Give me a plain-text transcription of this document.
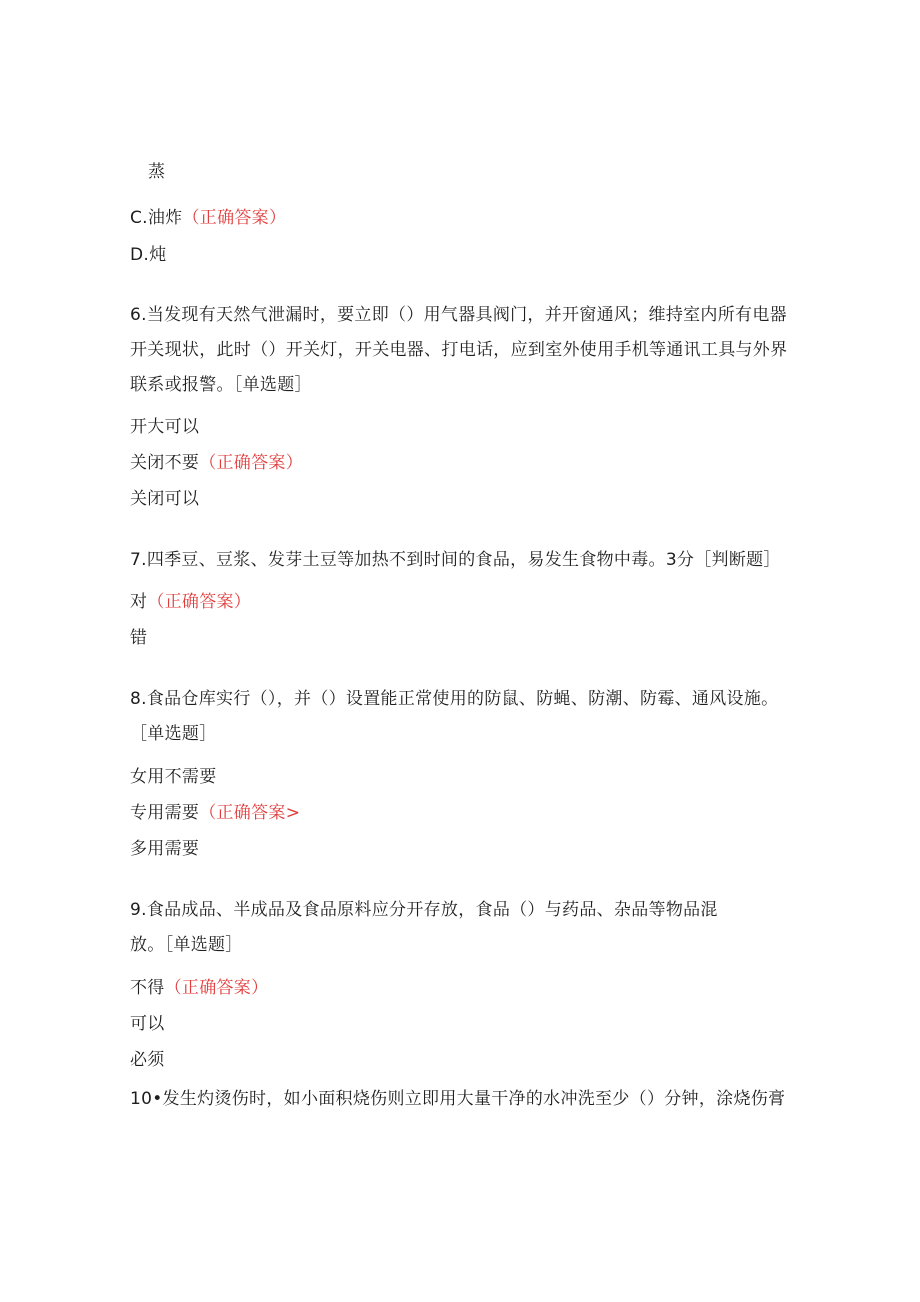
蒸
C.油炸（正确答案）
D.炖
6.当发现有天然气泄漏时，要立即（）用气器具阀门，并开窗通风；维持室内所有电器
开关现状，此时（）开关灯，开关电器、打电话，应到室外使用手机等通讯工具与外界
联系或报警。［单选题］
开大可以
关闭不要（正确答案）
关闭可以
7.四季豆、豆浆、发芽土豆等加热不到时间的食品，易发生食物中毒。3分［判断题］
对（正确答案）
错
8.食品仓库实行（），并（）设置能正常使用的防鼠、防蝇、防潮、防霉、通风设施。
［单选题］
女用不需要
专用需要（正确答案>
多用需要
9.食品成品、半成品及食品原料应分开存放，食品（）与药品、杂品等物品混
放。［单选题］
不得（正确答案）
可以
必须
10•发生灼烫伤时，如小面积烧伤则立即用大量干净的水冲洗至少（）分钟，涂烧伤膏
